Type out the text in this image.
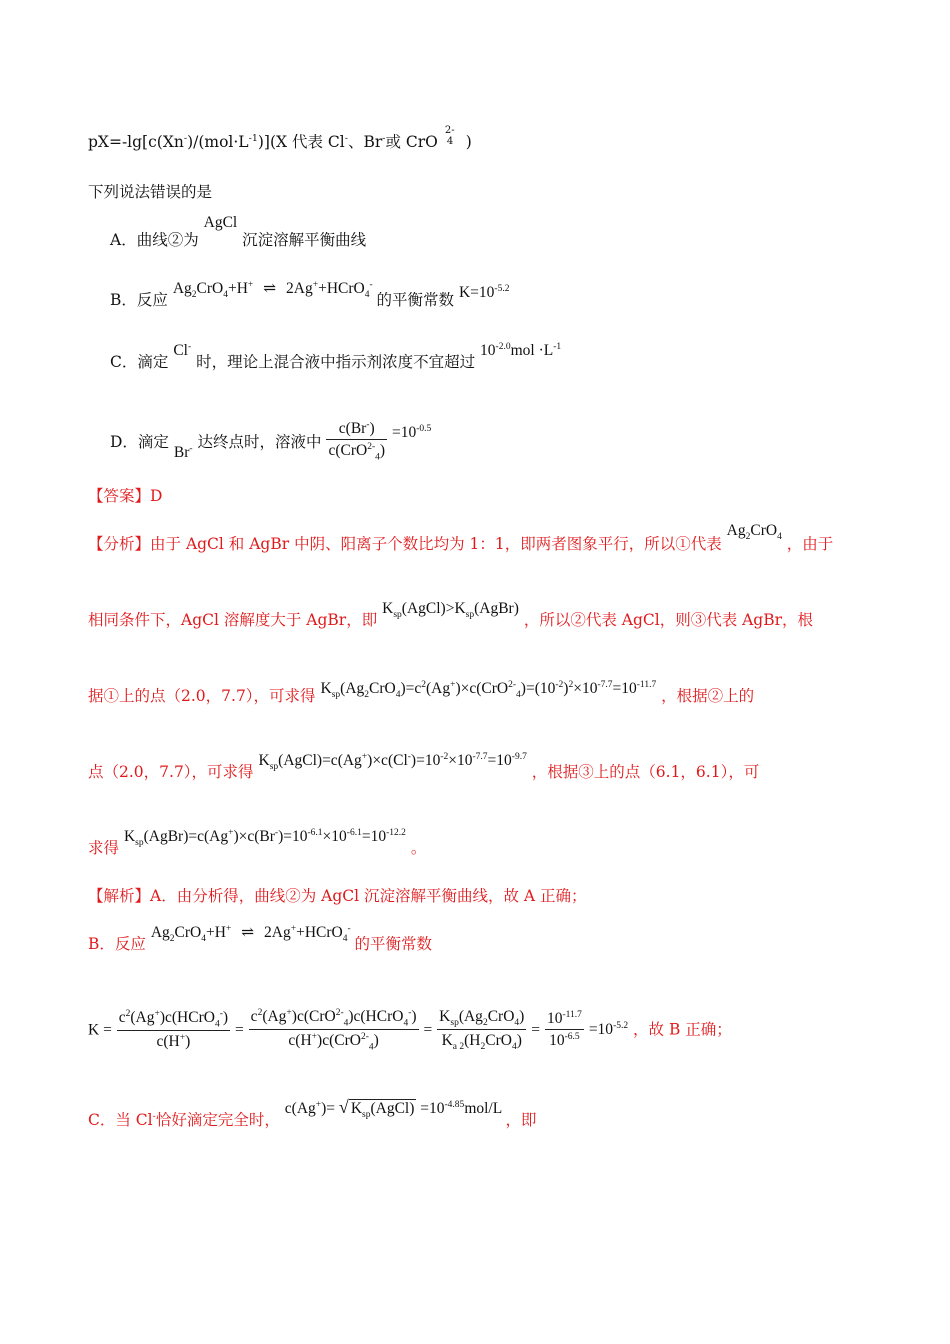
$pX=-\lg[c(Xn^-)/(mol\cdot L^{-1})](X$ 代表 Cl-、Br-或 CrO
2-
4 )
下列说法错误的是
A．曲线②为 AgCl 沉淀溶解平衡曲线
B．反应 $Ag_2CrO_4+H^+$ ⇌ 2Ag++HCrO$_4$- 的平衡常数 $K=10^{-5.2}$
C．滴定 Cl- 时，理论上混合液中指示剂浓度不宜超过 $10^{-2.0}mol \cdot L^{-1}$
D．滴定 Br- 达终点时，溶液中 $\frac{c(Br^-)}{c(CrO^{2-}_4)} =10^{-0.5}$
【答案】D
【分析】由于 AgCl 和 AgBr 中阴、阳离子个数比均为 1：1，即两者图象平行，所以①代表 $Ag_2CrO_4$ ，由于
相同条件下，AgCl 溶解度大于 AgBr，即 $K_{sp}(AgCl)>K_{sp}(AgBr)$ ，所以②代表 AgCl，则③代表 AgBr，根
据①上的点（2.0，7.7），可求得 $K_{sp}(Ag_2CrO_4)=c^2(Ag^+)\times c(CrO^{2-}_4)=(10^{-2})^2\times 10^{-7.7}=10^{-11.7}$ ，根据②上的
点（2.0，7.7），可求得 $K_{sp}(AgCl)=c(Ag^+)\times c(Cl^-)=10^{-2}\times 10^{-7.7}=10^{-9.7}$ ，根据③上的点（6.1，6.1），可
求得 $K_{sp}(AgBr)=c(Ag^+)\times c(Br^-)=10^{-6.1}\times 10^{-6.1}=10^{-12.2}$ 。
【解析】A．由分析得，曲线②为 AgCl 沉淀溶解平衡曲线，故 A 正确；
B．反应 $Ag_2CrO_4+H^+$ ⇌ 2Ag++HCrO$_4$- 的平衡常数
$K = \frac{c^2(Ag^+)c(HCrO_4^-)}{c(H^+)} = \frac{c^2(Ag^+)c(CrO^{2-}_4)c(HCrO_4^-)}{c(H^+)c(CrO^{2-}_4)} = \frac{K_{sp}(Ag_2CrO_4)}{K_{a 2}(H_2CrO_4)} = \frac{10^{-11.7}}{10^{-6.5}} =10^{-5.2}$ ，故 B 正确；
C．当 Cl-恰好滴定完全时， c(Ag+)= √ $K_{sp}(AgCl) =10^{-4.85}mol/L$ ，即
